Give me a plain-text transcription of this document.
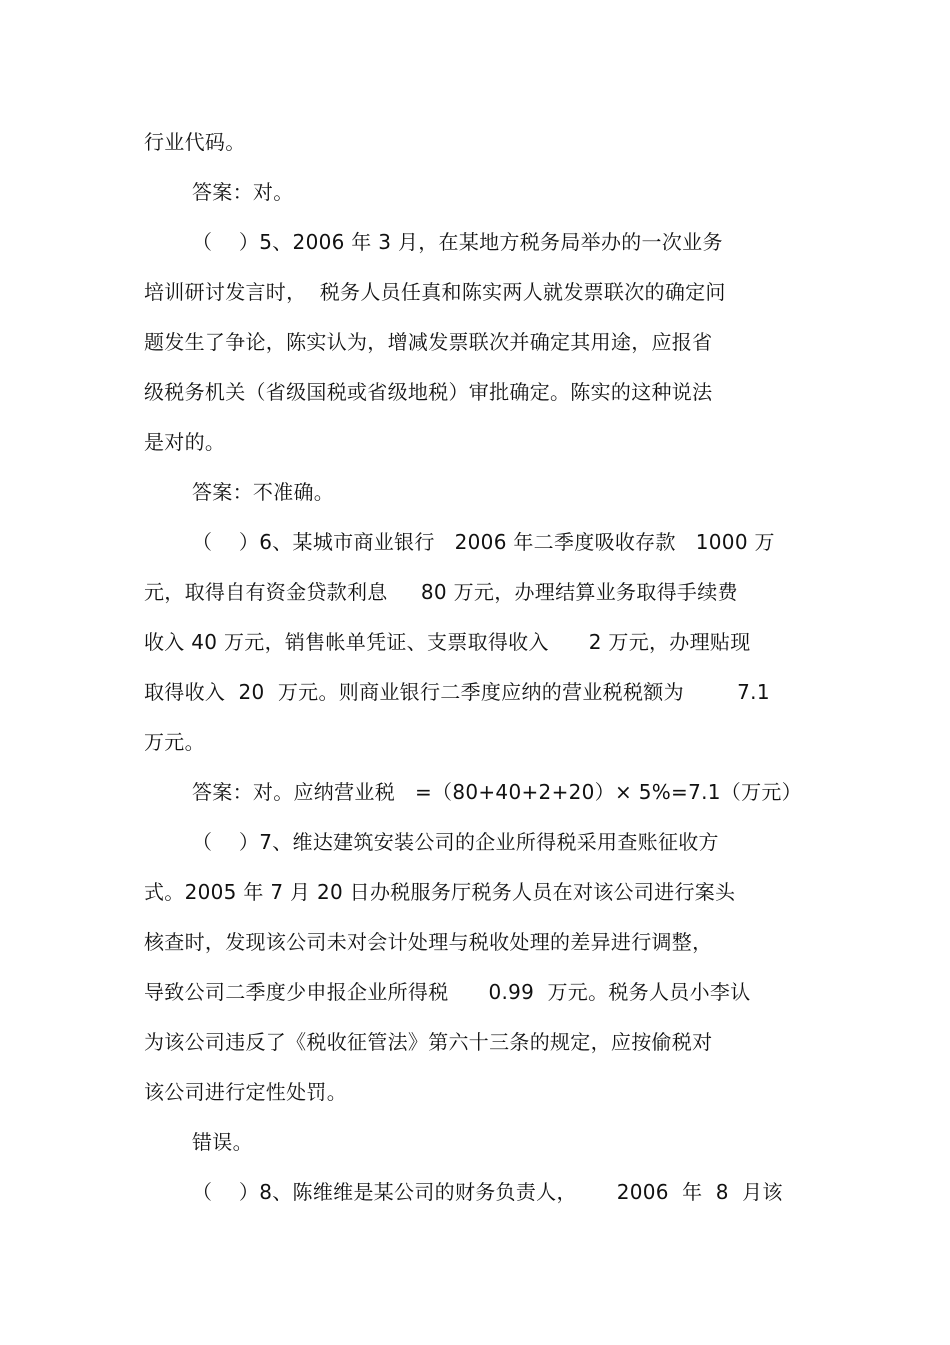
行业代码。
答案：对。
（    ）5、2006 年 3 月，在某地方税务局举办的一次业务
培训研讨发言时，  税务人员任真和陈实两人就发票联次的确定问
题发生了争论，陈实认为，增减发票联次并确定其用途，应报省
级税务机关（省级国税或省级地税）审批确定。陈实的这种说法
是对的。
答案：不准确。
（    ）6、某城市商业银行   2006 年二季度吸收存款   1000 万
元，取得自有资金贷款利息     80 万元，办理结算业务取得手续费
收入 40 万元，销售帐单凭证、支票取得收入      2 万元，办理贴现
取得收入  20  万元。则商业银行二季度应纳的营业税税额为        7.1
万元。
答案：对。应纳营业税   =（80+40+2+20）× 5%=7.1（万元）
（    ）7、维达建筑安装公司的企业所得税采用查账征收方
式。2005 年 7 月 20 日办税服务厅税务人员在对该公司进行案头
核查时，发现该公司未对会计处理与税收处理的差异进行调整，
导致公司二季度少申报企业所得税      0.99  万元。税务人员小李认
为该公司违反了《税收征管法》第六十三条的规定，应按偷税对
该公司进行定性处罚。
错误。
（    ）8、陈维维是某公司的财务负责人，      2006  年  8  月该
